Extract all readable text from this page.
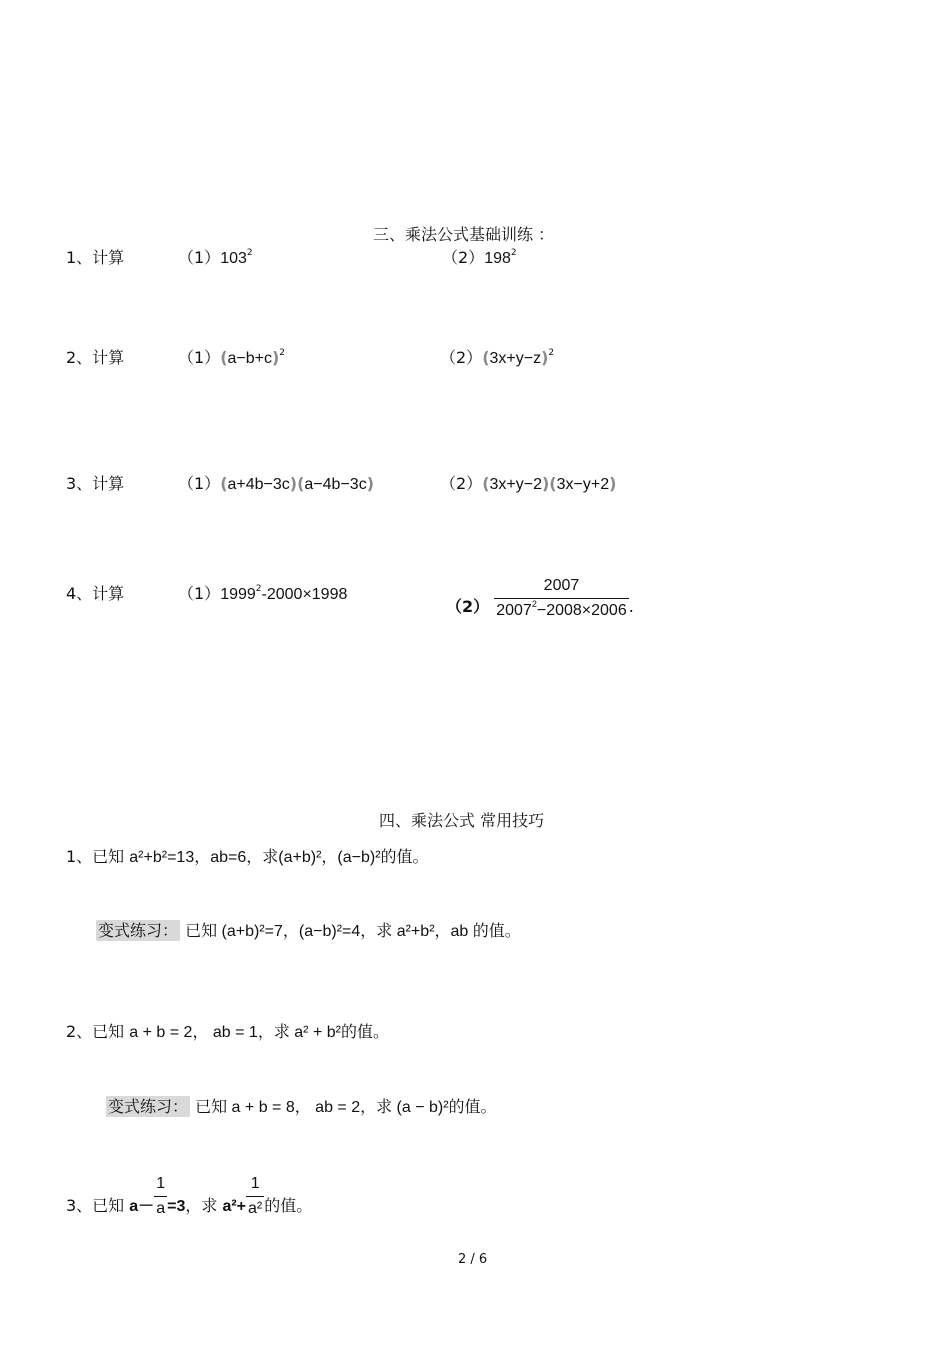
三、乘法公式基础训练 ：
1、计算	$(1)103^2$	$(2)198^2$
2、计算	$(1)(a-b+c)^2$	$(2)(3x+y-z)^2$
3、计算	（1）(a+4b−3c)(a−4b−3c)	（2）(3x+y−2)(3x−y+2)
4、计算	$(1)1999^2-2000\times 1998$
$(2) \frac{2007}{2007^2-2008\times 2006}$ .
四、乘法公式 常用技巧
1、已知 a²+b²=13，ab=6，求(a+b)²，(a−b)²的值。
变式练习： 已知 (a+b)²=7，(a−b)²=4，求 a²+b²，ab 的值。
2、已知 a + b = 2， ab = 1，求 a² + b²的值。
变式练习： 已知 a + b = 8， ab = 2，求 (a − b)²的值。
3、已知 $a- \frac{1}{a} =3$，求 $a^2+ \frac{1}{\text{a²}}$ 的值。
2 / 6
